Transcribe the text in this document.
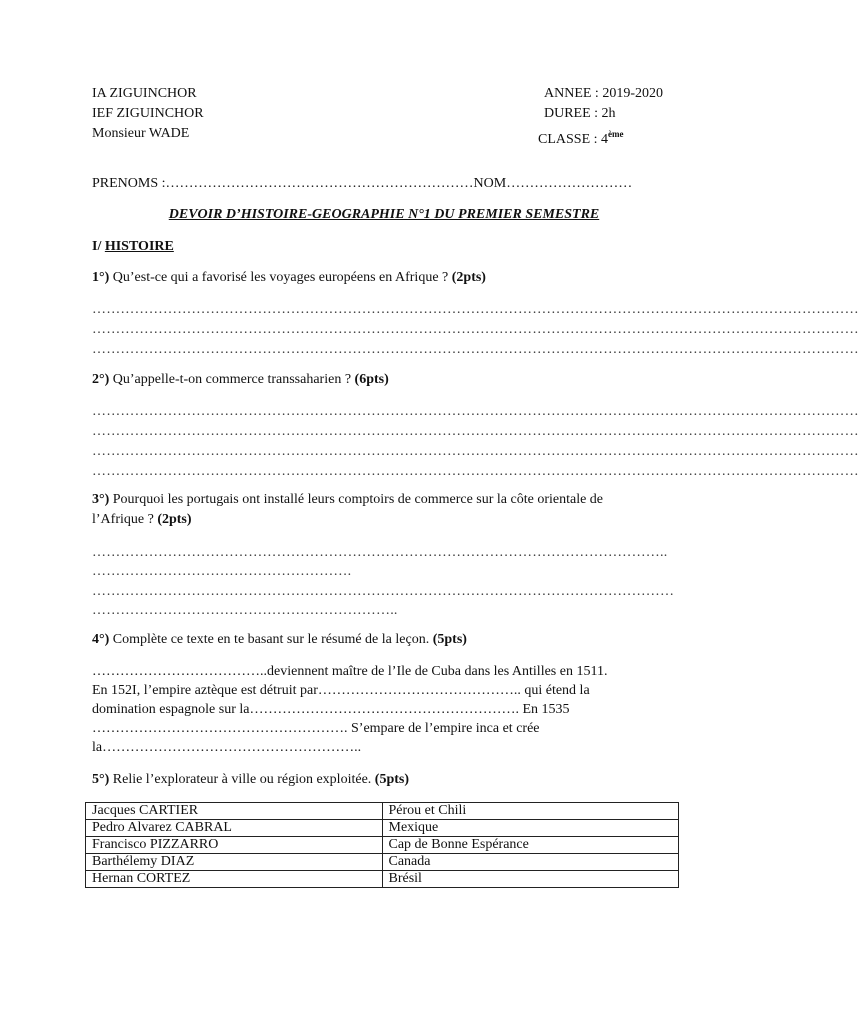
IA ZIGUINCHOR
IEF ZIGUINCHOR
Monsieur WADE
ANNEE : 2019-2020
DUREE : 2h
CLASSE : 4ème
PRENOMS :…………………………………………………………NOM………………………
DEVOIR D’HISTOIRE-GEOGRAPHIE N°1 DU PREMIER SEMESTRE
I/ HISTOIRE
1°) Qu’est-ce qui a favorisé les voyages européens en Afrique ? (2pts)
………………………………………………………………………………………………………………………………………………
………………………………………………………………………………………………………………………………………………
………………………………………………………………………………………………………………………………………………
2°) Qu’appelle-t-on commerce transsaharien ? (6pts)
………………………………………………………………………………………………………………………………………………
………………………………………………………………………………………………………………………………………………
………………………………………………………………………………………………………………………………………………
………………………………………………………………………………………………………………………………………………
3°) Pourquoi les portugais ont installé leurs comptoirs de commerce sur la côte orientale de
l’Afrique ? (2pts)
…………………………………………………………………………………………………………..
……………………………………………….
……………………………………………………………………………………………………………
………………………………………………………..
4°) Complète ce texte en te basant sur le résumé de la leçon. (5pts)
………………………………..deviennent maître de l’Ile de Cuba dans les Antilles en 1511.
En 152I, l’empire aztèque est détruit par…………………………………….. qui étend la
domination espagnole sur la…………………………………………………. En 1535
………………………………………………. S’empare de l’empire inca et crée
la………………………………………………..
5°) Relie l’explorateur à ville ou région exploitée. (5pts)
Jacques CARTIER	Pérou et Chili
Pedro Alvarez CABRAL	Mexique
Francisco PIZZARRO	Cap de Bonne Espérance
Barthélemy DIAZ	Canada
Hernan CORTEZ	Brésil
